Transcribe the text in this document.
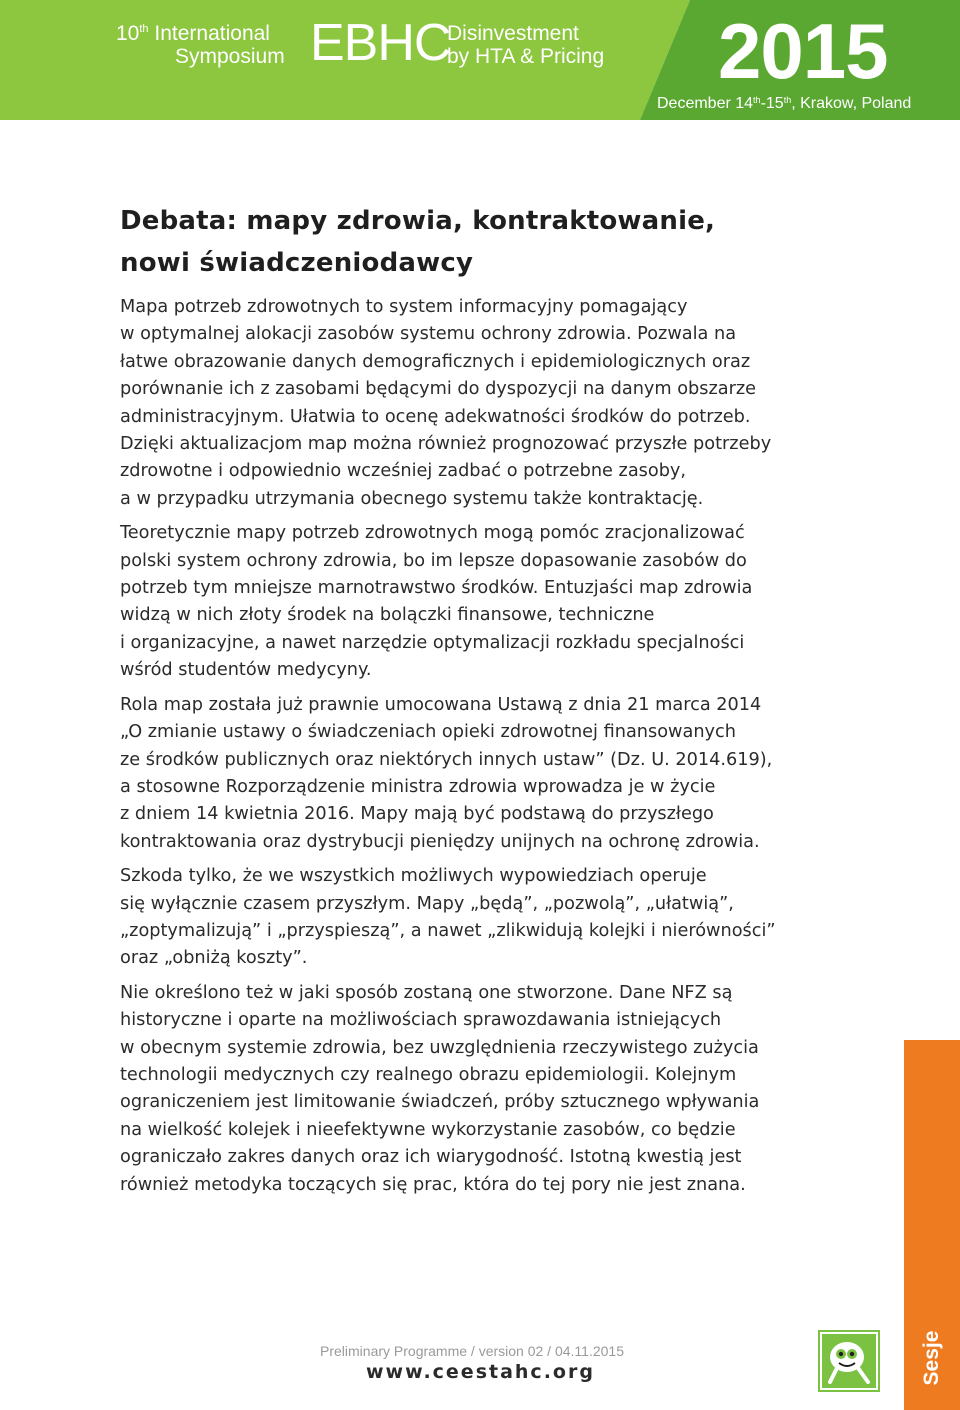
10th International
Symposium EBHC
Disinvestment
by HTA & Pricing 2015
December 14th-15th, Krakow, Poland
Debata: mapy zdrowia, kontraktowanie,
nowi świadczeniodawcy

Mapa potrzeb zdrowotnych to system informacyjny pomagający
w optymalnej alokacji zasobów systemu ochrony zdrowia. Pozwala na
łatwe obrazowanie danych demograficznych i epidemiologicznych oraz
porównanie ich z zasobami będącymi do dyspozycji na danym obszarze
administracyjnym. Ułatwia to ocenę adekwatności środków do potrzeb.
Dzięki aktualizacjom map można również prognozować przyszłe potrzeby
zdrowotne i odpowiednio wcześniej zadbać o potrzebne zasoby,
a w przypadku utrzymania obecnego systemu także kontraktację.

Teoretycznie mapy potrzeb zdrowotnych mogą pomóc zracjonalizować
polski system ochrony zdrowia, bo im lepsze dopasowanie zasobów do
potrzeb tym mniejsze marnotrawstwo środków. Entuzjaści map zdrowia
widzą w nich złoty środek na bolączki finansowe, techniczne
i organizacyjne, a nawet narzędzie optymalizacji rozkładu specjalności
wśród studentów medycyny.

Rola map została już prawnie umocowana Ustawą z dnia 21 marca 2014
„O zmianie ustawy o świadczeniach opieki zdrowotnej finansowanych
ze środków publicznych oraz niektórych innych ustaw” (Dz. U. 2014.619),
a stosowne Rozporządzenie ministra zdrowia wprowadza je w życie
z dniem 14 kwietnia 2016. Mapy mają być podstawą do przyszłego
kontraktowania oraz dystrybucji pieniędzy unijnych na ochronę zdrowia.

Szkoda tylko, że we wszystkich możliwych wypowiedziach operuje
się wyłącznie czasem przyszłym. Mapy „będą”, „pozwolą”, „ułatwią”,
„zoptymalizują” i „przyspieszą”, a nawet „zlikwidują kolejki i nierówności”
oraz „obniżą koszty”.

Nie określono też w jaki sposób zostaną one stworzone. Dane NFZ są
historyczne i oparte na możliwościach sprawozdawania istniejących
w obecnym systemie zdrowia, bez uwzględnienia rzeczywistego zużycia
technologii medycznych czy realnego obrazu epidemiologii. Kolejnym
ograniczeniem jest limitowanie świadczeń, próby sztucznego wpływania
na wielkość kolejek i nieefektywne wykorzystanie zasobów, co będzie
ograniczało zakres danych oraz ich wiarygodność. Istotną kwestią jest
również metodyka toczących się prac, która do tej pory nie jest znana.

Preliminary Programme / version 02 / 04.11.2015
www.ceestahc.org	Sesje
